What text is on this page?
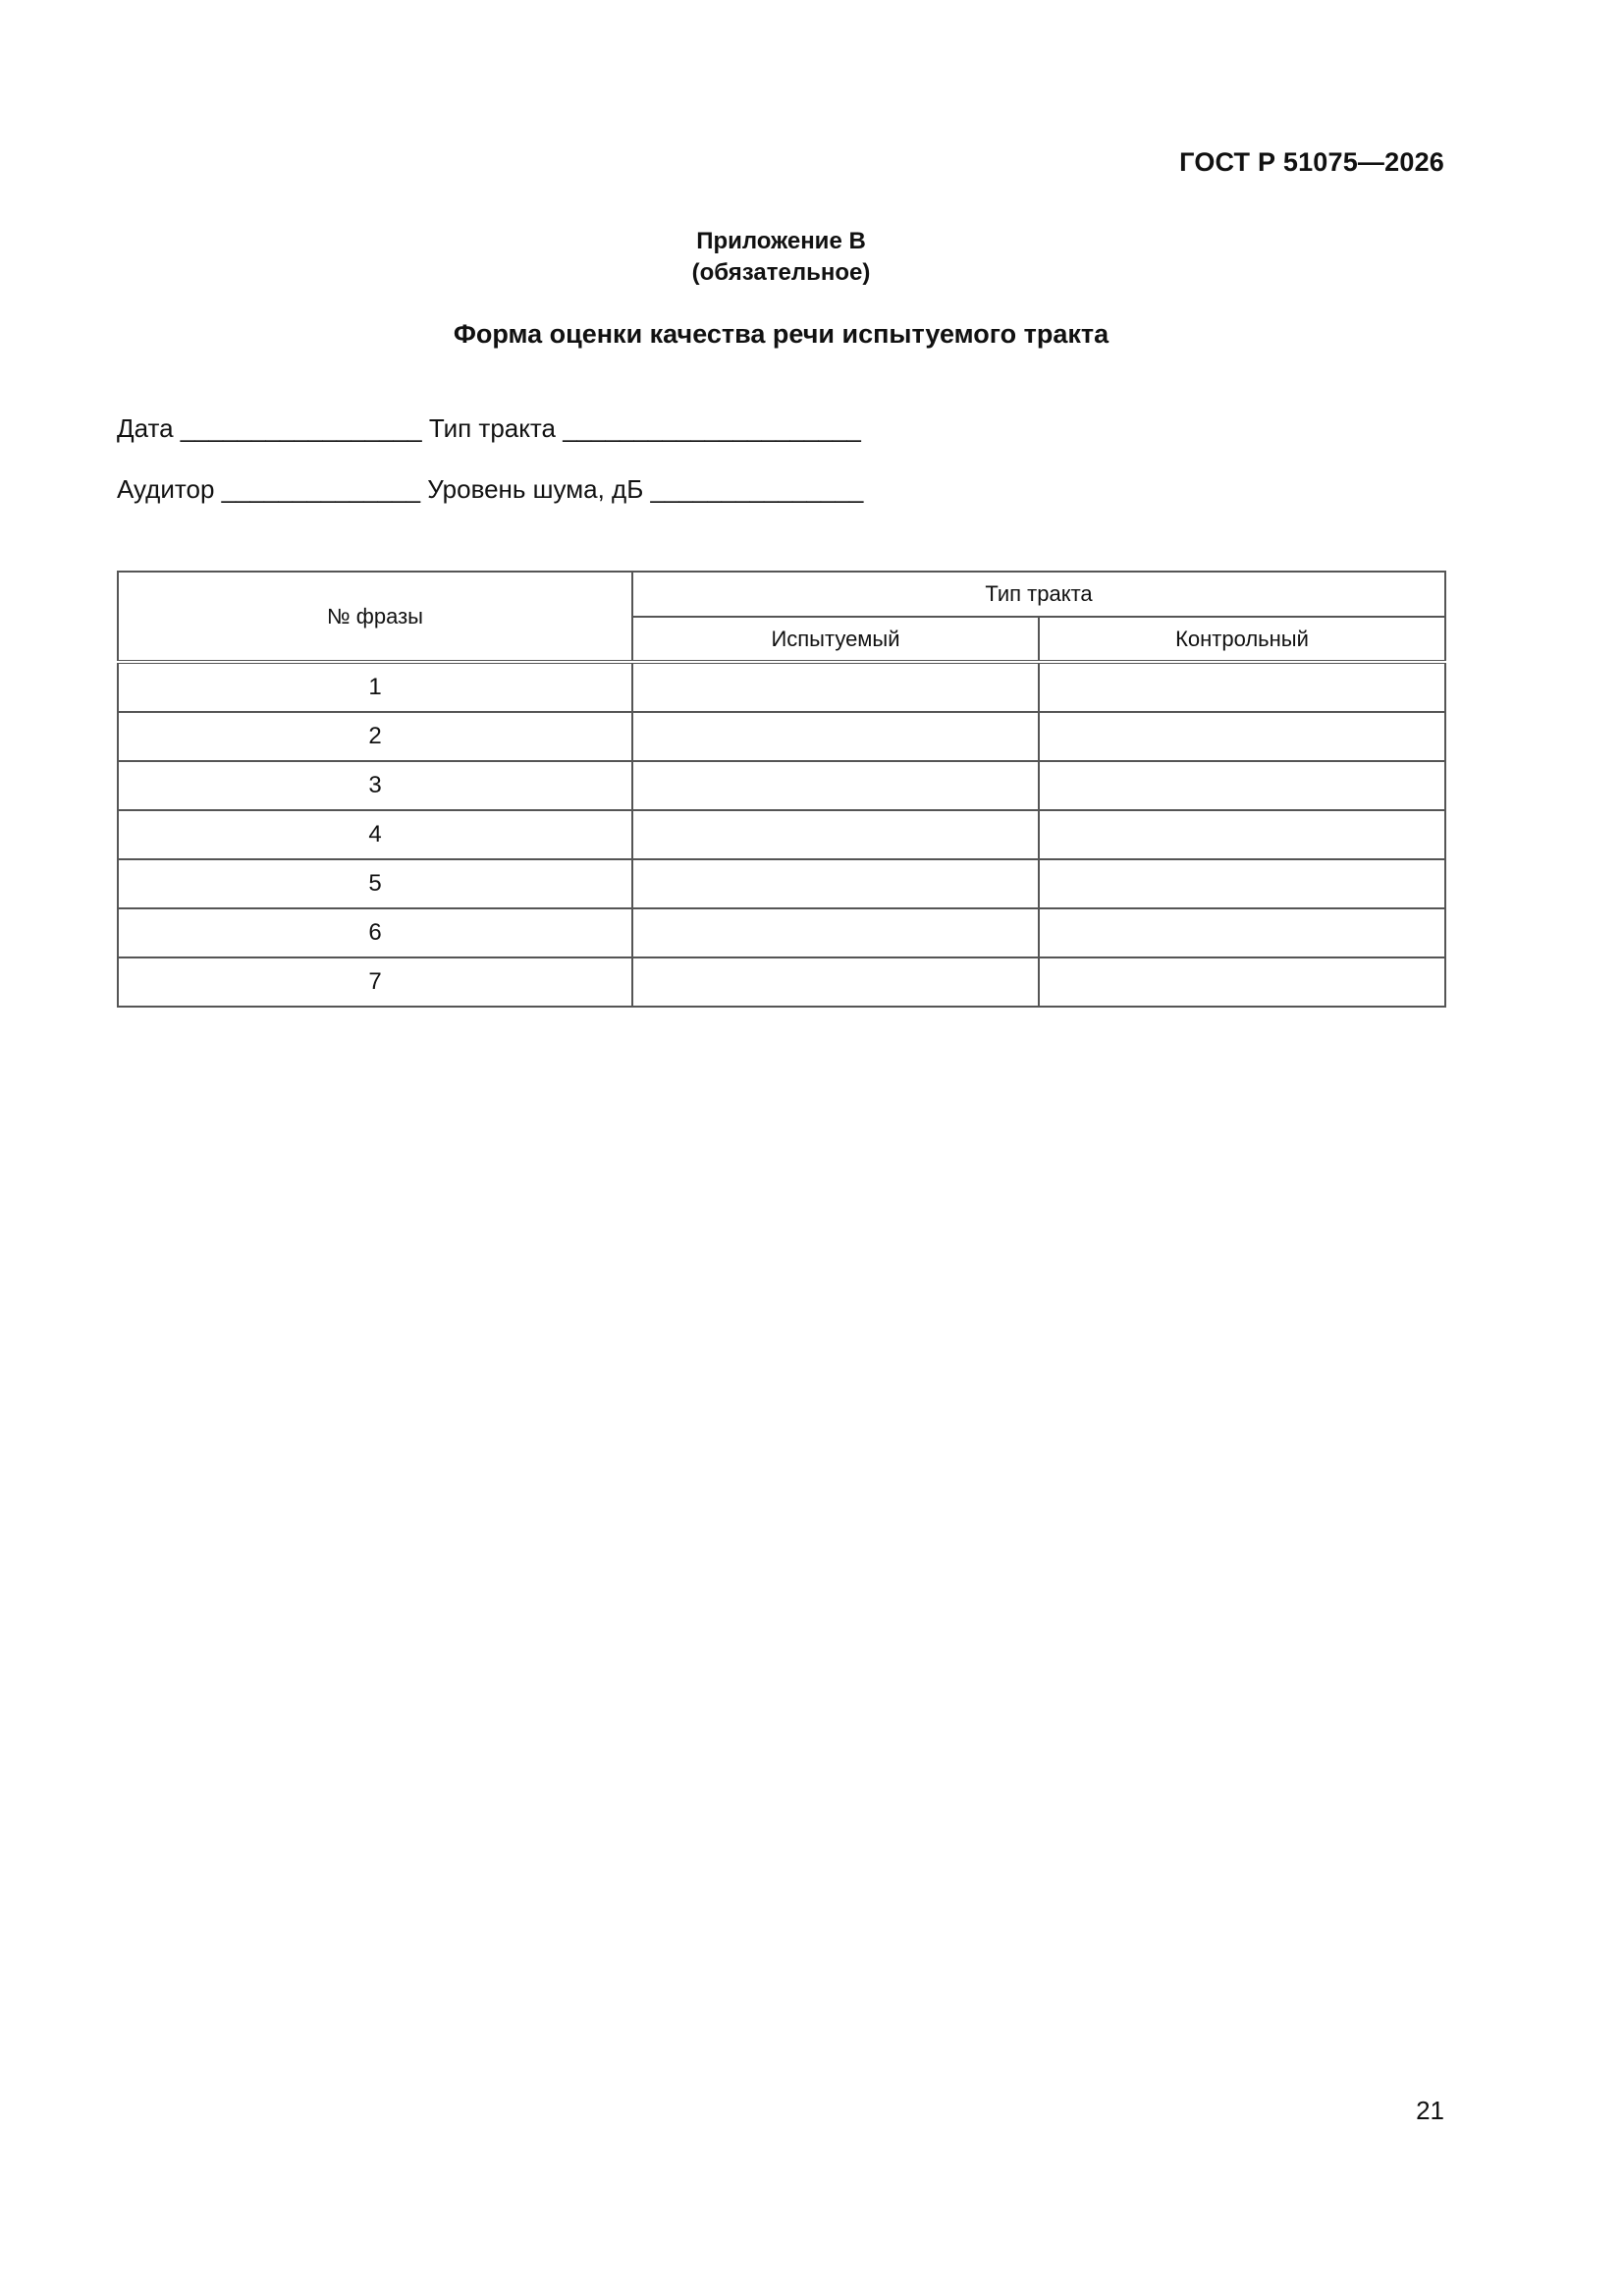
ГОСТ Р 51075—2026
Приложение В
(обязательное)
Форма оценки качества речи испытуемого тракта
Дата _________________ Тип тракта _____________________
Аудитор ______________ Уровень шума, дБ _______________
№ фразы	Тип тракта	
	Испытуемый	Контрольный
1		
2		
3		
4		
5		
6		
7		
21
